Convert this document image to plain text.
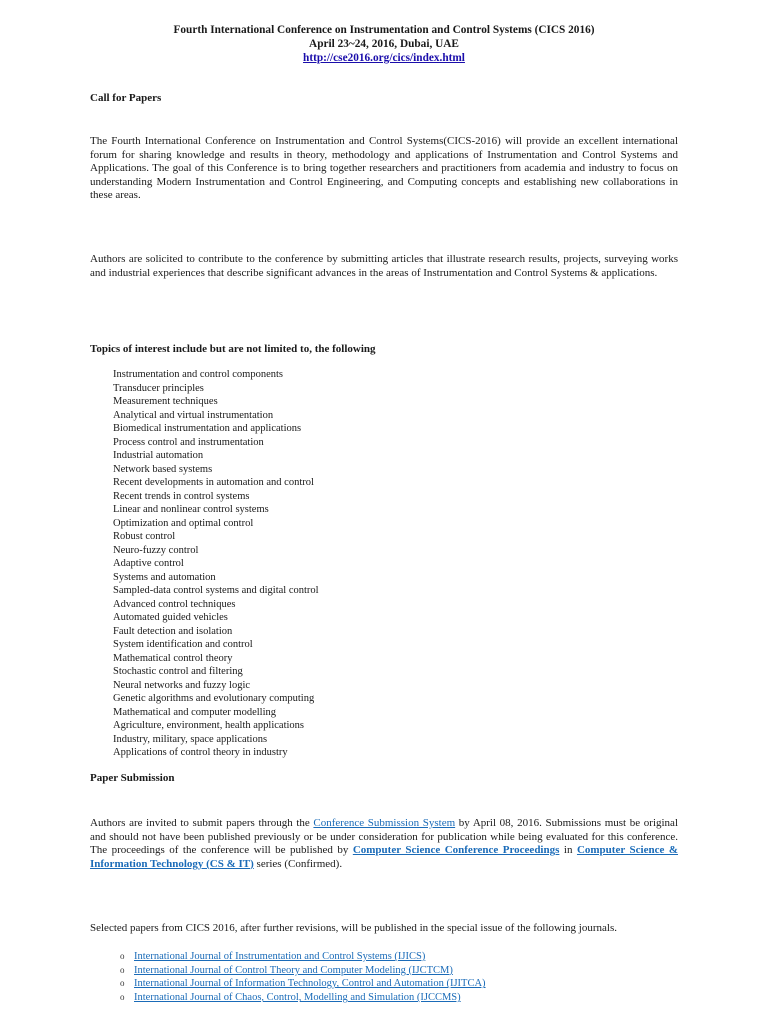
Fourth International Conference on Instrumentation and Control Systems (CICS 2016)
April 23~24, 2016, Dubai, UAE
http://cse2016.org/cics/index.html
Call for Papers
The Fourth International Conference on Instrumentation and Control Systems(CICS-2016) will provide an excellent international forum for sharing knowledge and results in theory, methodology and applications of Instrumentation and Control Systems and Applications. The goal of this Conference is to bring together researchers and practitioners from academia and industry to focus on understanding Modern Instrumentation and Control Engineering, and Computing concepts and establishing new collaborations in these areas.
Authors are solicited to contribute to the conference by submitting articles that illustrate research results, projects, surveying works and industrial experiences that describe significant advances in the areas of Instrumentation and Control Systems & applications.
Topics of interest include but are not limited to, the following
Instrumentation and control components
Transducer principles
Measurement techniques
Analytical and virtual instrumentation
Biomedical instrumentation and applications
Process control and instrumentation
Industrial automation
Network based systems
Recent developments in automation and control
Recent trends in control systems
Linear and nonlinear control systems
Optimization and optimal control
Robust control
Neuro-fuzzy control
Adaptive control
Systems and automation
Sampled-data control systems and digital control
Advanced control techniques
Automated guided vehicles
Fault detection and isolation
System identification and control
Mathematical control theory
Stochastic control and filtering
Neural networks and fuzzy logic
Genetic algorithms and evolutionary computing
Mathematical and computer modelling
Agriculture, environment, health applications
Industry, military, space applications
Applications of control theory in industry
Paper Submission
Authors are invited to submit papers through the Conference Submission System by April 08, 2016. Submissions must be original and should not have been published previously or be under consideration for publication while being evaluated for this conference. The proceedings of the conference will be published by Computer Science Conference Proceedings in Computer Science & Information Technology (CS & IT) series (Confirmed).
Selected papers from CICS 2016, after further revisions, will be published in the special issue of the following journals.
o International Journal of Instrumentation and Control Systems (IJICS)
o International Journal of Control Theory and Computer Modeling (IJCTCM)
o International Journal of Information Technology, Control and Automation (IJITCA)
o International Journal of Chaos, Control, Modelling and Simulation (IJCCMS)
